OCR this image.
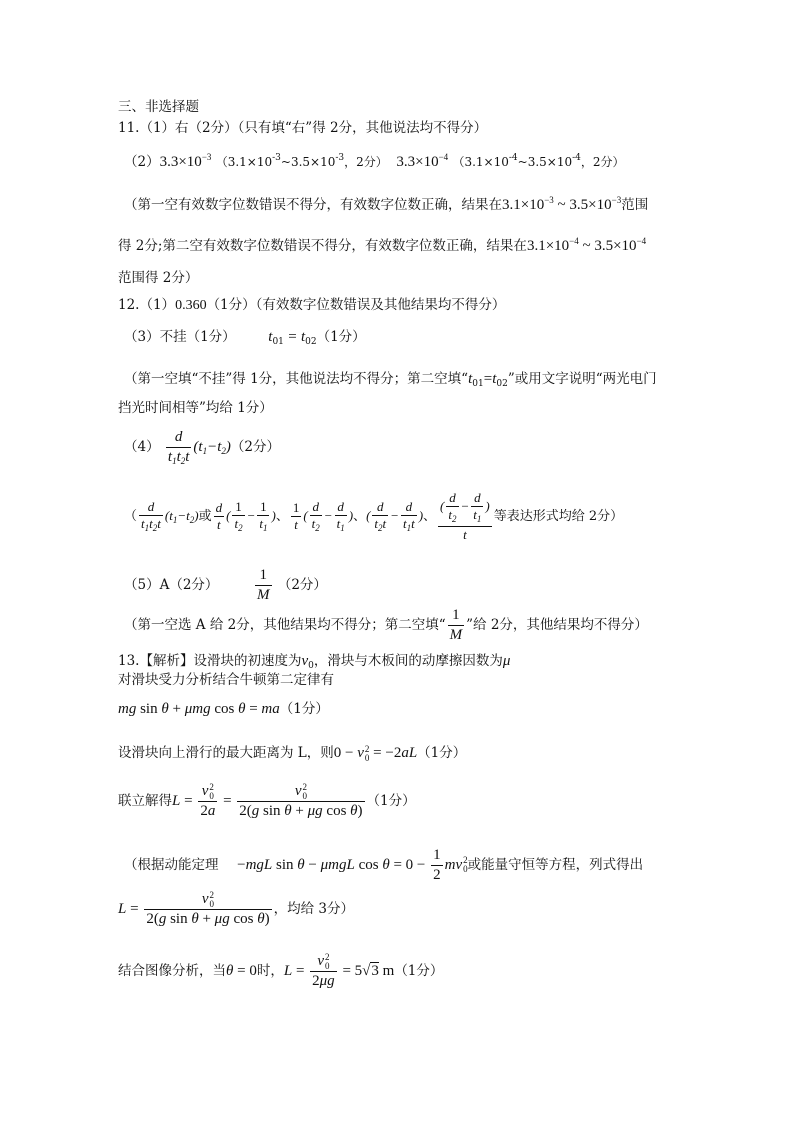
三、非选择题
11.（1）右（2分）（只有填“右”得 2分，其他说法均不得分）
$(2)3.3\times 10^{-3}$ （$3.1\times 10^{-3}\sim 3.5\times 10^{-3}$，2分） $3.3\times 10^{-4}$ （$3.1\times 10^{-4}\sim 3.5\times 10^{-4}$，2分）
（第一空有效数字位数错误不得分，有效数字位数正确，结果在$3.1\times 10^{-3}$ ~ $3.5\times 10^{-3}$范围
得 2分;第二空有效数字位数错误不得分，有效数字位数正确，结果在$3.1\times 10^{-4}$ ~ $3.5\times 10^{-4}$
范围得 2分）
12.（1）0.360（1分）（有效数字位数错误及其他结果均不得分）
（3）不挂（1分） $t_{01} = t_{02}(1$分）
（第一空填“不挂”得 1分，其他说法均不得分；第二空填“$t_{01}=t_{02}$”或用文字说明“两光电门
挡光时间相等”均给 1分）
$(4) \frac{d}{t_1t_2t} (t_1-t_2)(2$分）
（ $\frac{d}{t_1t_2t} (t_1-t_2)$或 $\frac{d}{t}$ ( $\frac{1}{t_2} - \frac{1}{t_1}$ )、 $\frac{1}{t}$ ( $\frac{d}{t_2} - \frac{d}{t_1}$ )、( $\frac{d}{t_2t} - \frac{d}{t_1t}$ )、 $\frac{( \frac{d}{t_2} - \frac{d}{t_1} )}{t}$ 等表达形式均给 2分）
（5）A（2分） $\frac{1}{M} (2$分）
（第一空选 A 给 2分，其他结果均不得分；第二空填“ $\frac{1}{M}$ ”给 2分，其他结果均不得分）
13.【解析】设滑块的初速度为$v_0$，滑块与木板间的动摩擦因数为μ
对滑块受力分析结合牛顿第二定律有
mg sin θ + μmg cos θ = ma（1分）
设滑块向上滑行的最大距离为 L，则0 − v 2
0 = −2aL（1分）
联立解得L = v 2
0
2a = v 2
0
2(g sin θ + μg cos θ) （1分）
（根据动能定理 −mgL sin θ − μmgL $\cos \theta = 0 - \frac{1}{2}$ mv 2
0 或能量守恒等方程，列式得出
L = v 2
0
2(g sin θ + μg cos θ) ，均给 3分）
结合图像分析，当θ = 0时，L = v 2
0
2μg = 5√3 m（1分）
